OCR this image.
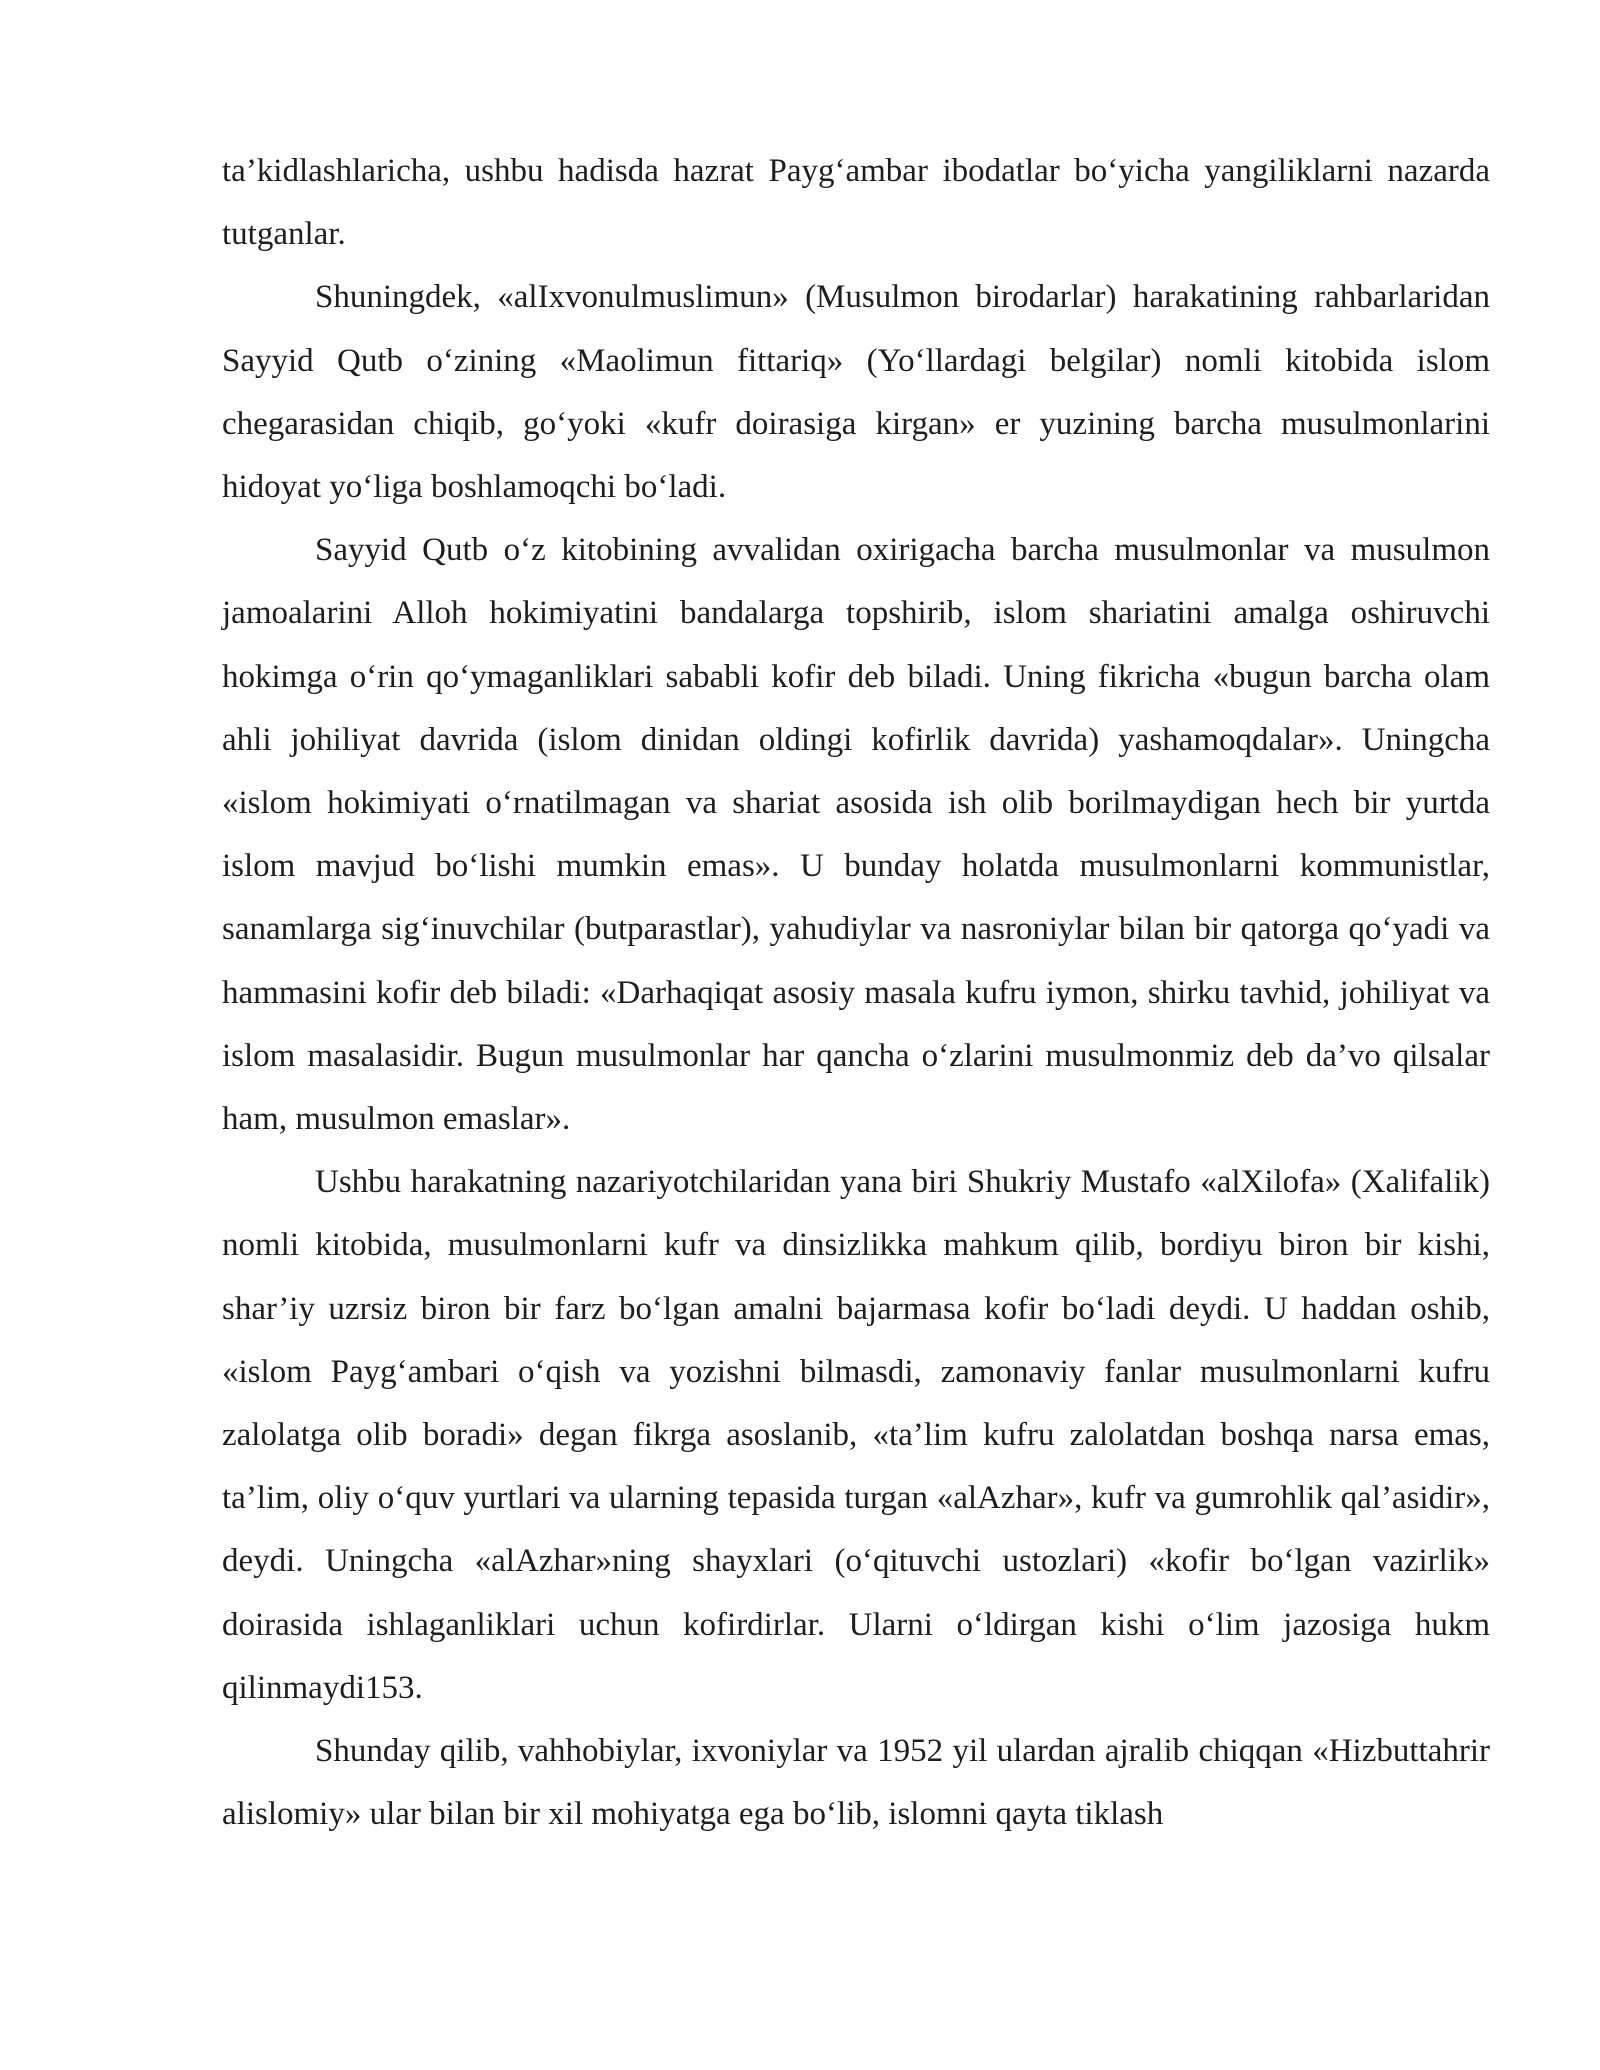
ta’kidlashlaricha, ushbu hadisda hazrat Payg‘ambar ibodatlar bo‘yicha yangiliklarni nazarda tutganlar.

Shuningdek, «alIxvonulmuslimun» (Musulmon birodarlar) harakatining rahbarlaridan Sayyid Qutb o‘zining «Maolimun fittariq» (Yo‘llardagi belgilar) nomli kitobida islom chegarasidan chiqib, go‘yoki «kufr doirasiga kirgan» er yuzining barcha musulmonlarini hidoyat yo‘liga boshlamoqchi bo‘ladi.

Sayyid Qutb o‘z kitobining avvalidan oxirigacha barcha musulmonlar va musulmon jamoalarini Alloh hokimiyatini bandalarga topshirib, islom shariatini amalga oshiruvchi hokimga o‘rin qo‘ymaganliklari sababli kofir deb biladi. Uning fikricha «bugun barcha olam ahli johiliyat davrida (islom dinidan oldingi kofirlik davrida) yashamoqdalar». Uningcha «islom hokimiyati o‘rnatilmagan va shariat asosida ish olib borilmaydigan hech bir yurtda islom mavjud bo‘lishi mumkin emas». U bunday holatda musulmonlarni kommunistlar, sanamlarga sig‘inuvchilar (butparastlar), yahudiylar va nasroniylar bilan bir qatorga qo‘yadi va hammasini kofir deb biladi: «Darhaqiqat asosiy masala kufru iymon, shirku tavhid, johiliyat va islom masalasidir. Bugun musulmonlar har qancha o‘zlarini musulmonmiz deb da’vo qilsalar ham, musulmon emaslar».

Ushbu harakatning nazariyotchilaridan yana biri Shukriy Mustafo «alXilofa» (Xalifalik) nomli kitobida, musulmonlarni kufr va dinsizlikka mahkum qilib, bordiyu biron bir kishi, shar’iy uzrsiz biron bir farz bo‘lgan amalni bajarmasa kofir bo‘ladi deydi. U haddan oshib, «islom Payg‘ambari o‘qish va yozishni bilmasdi, zamonaviy fanlar musulmonlarni kufru zalolatga olib boradi» degan fikrga asoslanib, «ta’lim kufru zalolatdan boshqa narsa emas, ta’lim, oliy o‘quv yurtlari va ularning tepasida turgan «alAzhar», kufr va gumrohlik qal’asidir», deydi. Uningcha «alAzhar»ning shayxlari (o‘qituvchi ustozlari) «kofir bo‘lgan vazirlik» doirasida ishlaganliklari uchun kofirdirlar. Ularni o‘ldirgan kishi o‘lim jazosiga hukm qilinmaydi153.

Shunday qilib, vahhobiylar, ixvoniylar va 1952 yil ulardan ajralib chiqqan «Hizbuttahrir alislomiy» ular bilan bir xil mohiyatga ega bo‘lib, islomni qayta tiklash
